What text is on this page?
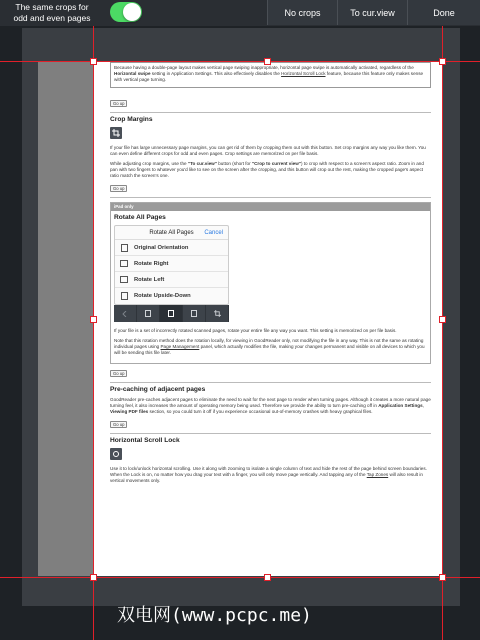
The same crops for
odd and even pages
No crops	To cur.view	Done

Because having a double-page layout makes vertical page swiping inappropriate, horizontal page swipe is automatically activated, regardless of the Horizontal swipe setting in Application Settings. This also effectively disables the Horizontal Scroll Lock feature, because this feature only makes sense with vertical page turning.

Go up
Crop Margins

If your file has large unnecessary page margins, you can get rid of them by cropping them out with this button. Set crop margins any way you like them. You can even define different crops for odd and even pages. Crop settings are memorized on per file basis.

While adjusting crop margins, use the "To cur.view" button (short for "Crop to current view") to crop with respect to a screen's aspect ratio. Zoom in and pan with two fingers to whatever you'd like to see on the screen after the cropping, and this button will crop out the rest, making the cropped page's aspect ratio match the screen's one.

Go up
iPad only
Rotate All Pages
Rotate All Pages Cancel
Original Orientation
Rotate Right
Rotate Left
Rotate Upside-Down

If your file is a set of incorrectly rotated scanned pages, rotate your entire file any way you want. This setting is memorized on per file basis.

Note that this rotation method does the rotation locally, for viewing in GoodReader only, not modifying the file in any way. This is not the same as rotating individual pages using Page Management panel, which actually modifies the file, making your changes permanent and visible on all devices to which you will be sending this file later.

Go up
Pre-caching of adjacent pages

GoodReader pre-caches adjacent pages to eliminate the need to wait for the next page to render when turning pages. Although it creates a more natural page turning feel, it also increases the amount of operating memory being used. Therefore we provide the ability to turn pre-caching off in Application Settings, Viewing PDF files section, so you could turn it off if you experience occasional out-of-memory crashes with heavy graphical files.

Go up
Horizontal Scroll Lock

Use it to lock/unlock horizontal scrolling. Use it along with zooming to isolate a single column of text and hide the rest of the page behind screen boundaries. When the Lock is on, no matter how you drag your text with a finger, you will only move page vertically. And tapping any of the Tap Zones will also result in vertical movements only.

双电网(www.pcpc.me)
